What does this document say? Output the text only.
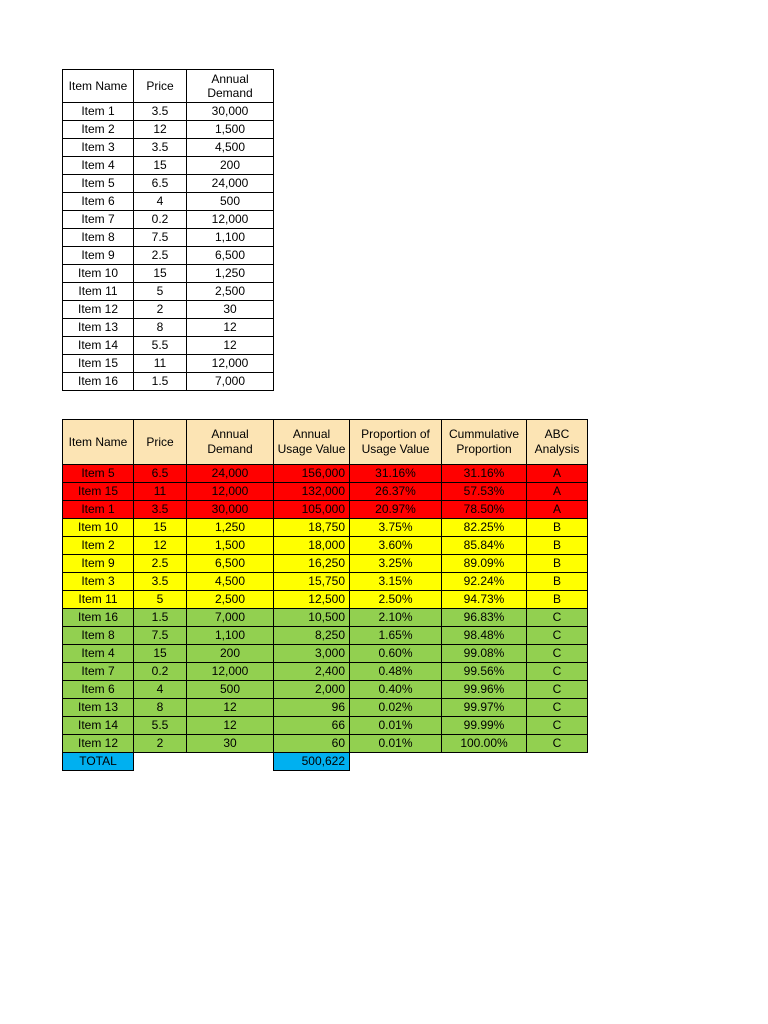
Item Name	Price	Annual Demand
Item 1	3.5	30,000
Item 2	12	1,500
Item 3	3.5	4,500
Item 4	15	200
Item 5	6.5	24,000
Item 6	4	500
Item 7	0.2	12,000
Item 8	7.5	1,100
Item 9	2.5	6,500
Item 10	15	1,250
Item 11	5	2,500
Item 12	2	30
Item 13	8	12
Item 14	5.5	12
Item 15	11	12,000
Item 16	1.5	7,000
Item Name	Price	Annual Demand	Annual Usage Value	Proportion of Usage Value	Cummulative Proportion	ABC Analysis
Item 5	6.5	24,000	156,000	31.16%	31.16%	A
Item 15	11	12,000	132,000	26.37%	57.53%	A
Item 1	3.5	30,000	105,000	20.97%	78.50%	A
Item 10	15	1,250	18,750	3.75%	82.25%	B
Item 2	12	1,500	18,000	3.60%	85.84%	B
Item 9	2.5	6,500	16,250	3.25%	89.09%	B
Item 3	3.5	4,500	15,750	3.15%	92.24%	B
Item 11	5	2,500	12,500	2.50%	94.73%	B
Item 16	1.5	7,000	10,500	2.10%	96.83%	C
Item 8	7.5	1,100	8,250	1.65%	98.48%	C
Item 4	15	200	3,000	0.60%	99.08%	C
Item 7	0.2	12,000	2,400	0.48%	99.56%	C
Item 6	4	500	2,000	0.40%	99.96%	C
Item 13	8	12	96	0.02%	99.97%	C
Item 14	5.5	12	66	0.01%	99.99%	C
Item 12	2	30	60	0.01%	100.00%	C
TOTAL			500,622			
